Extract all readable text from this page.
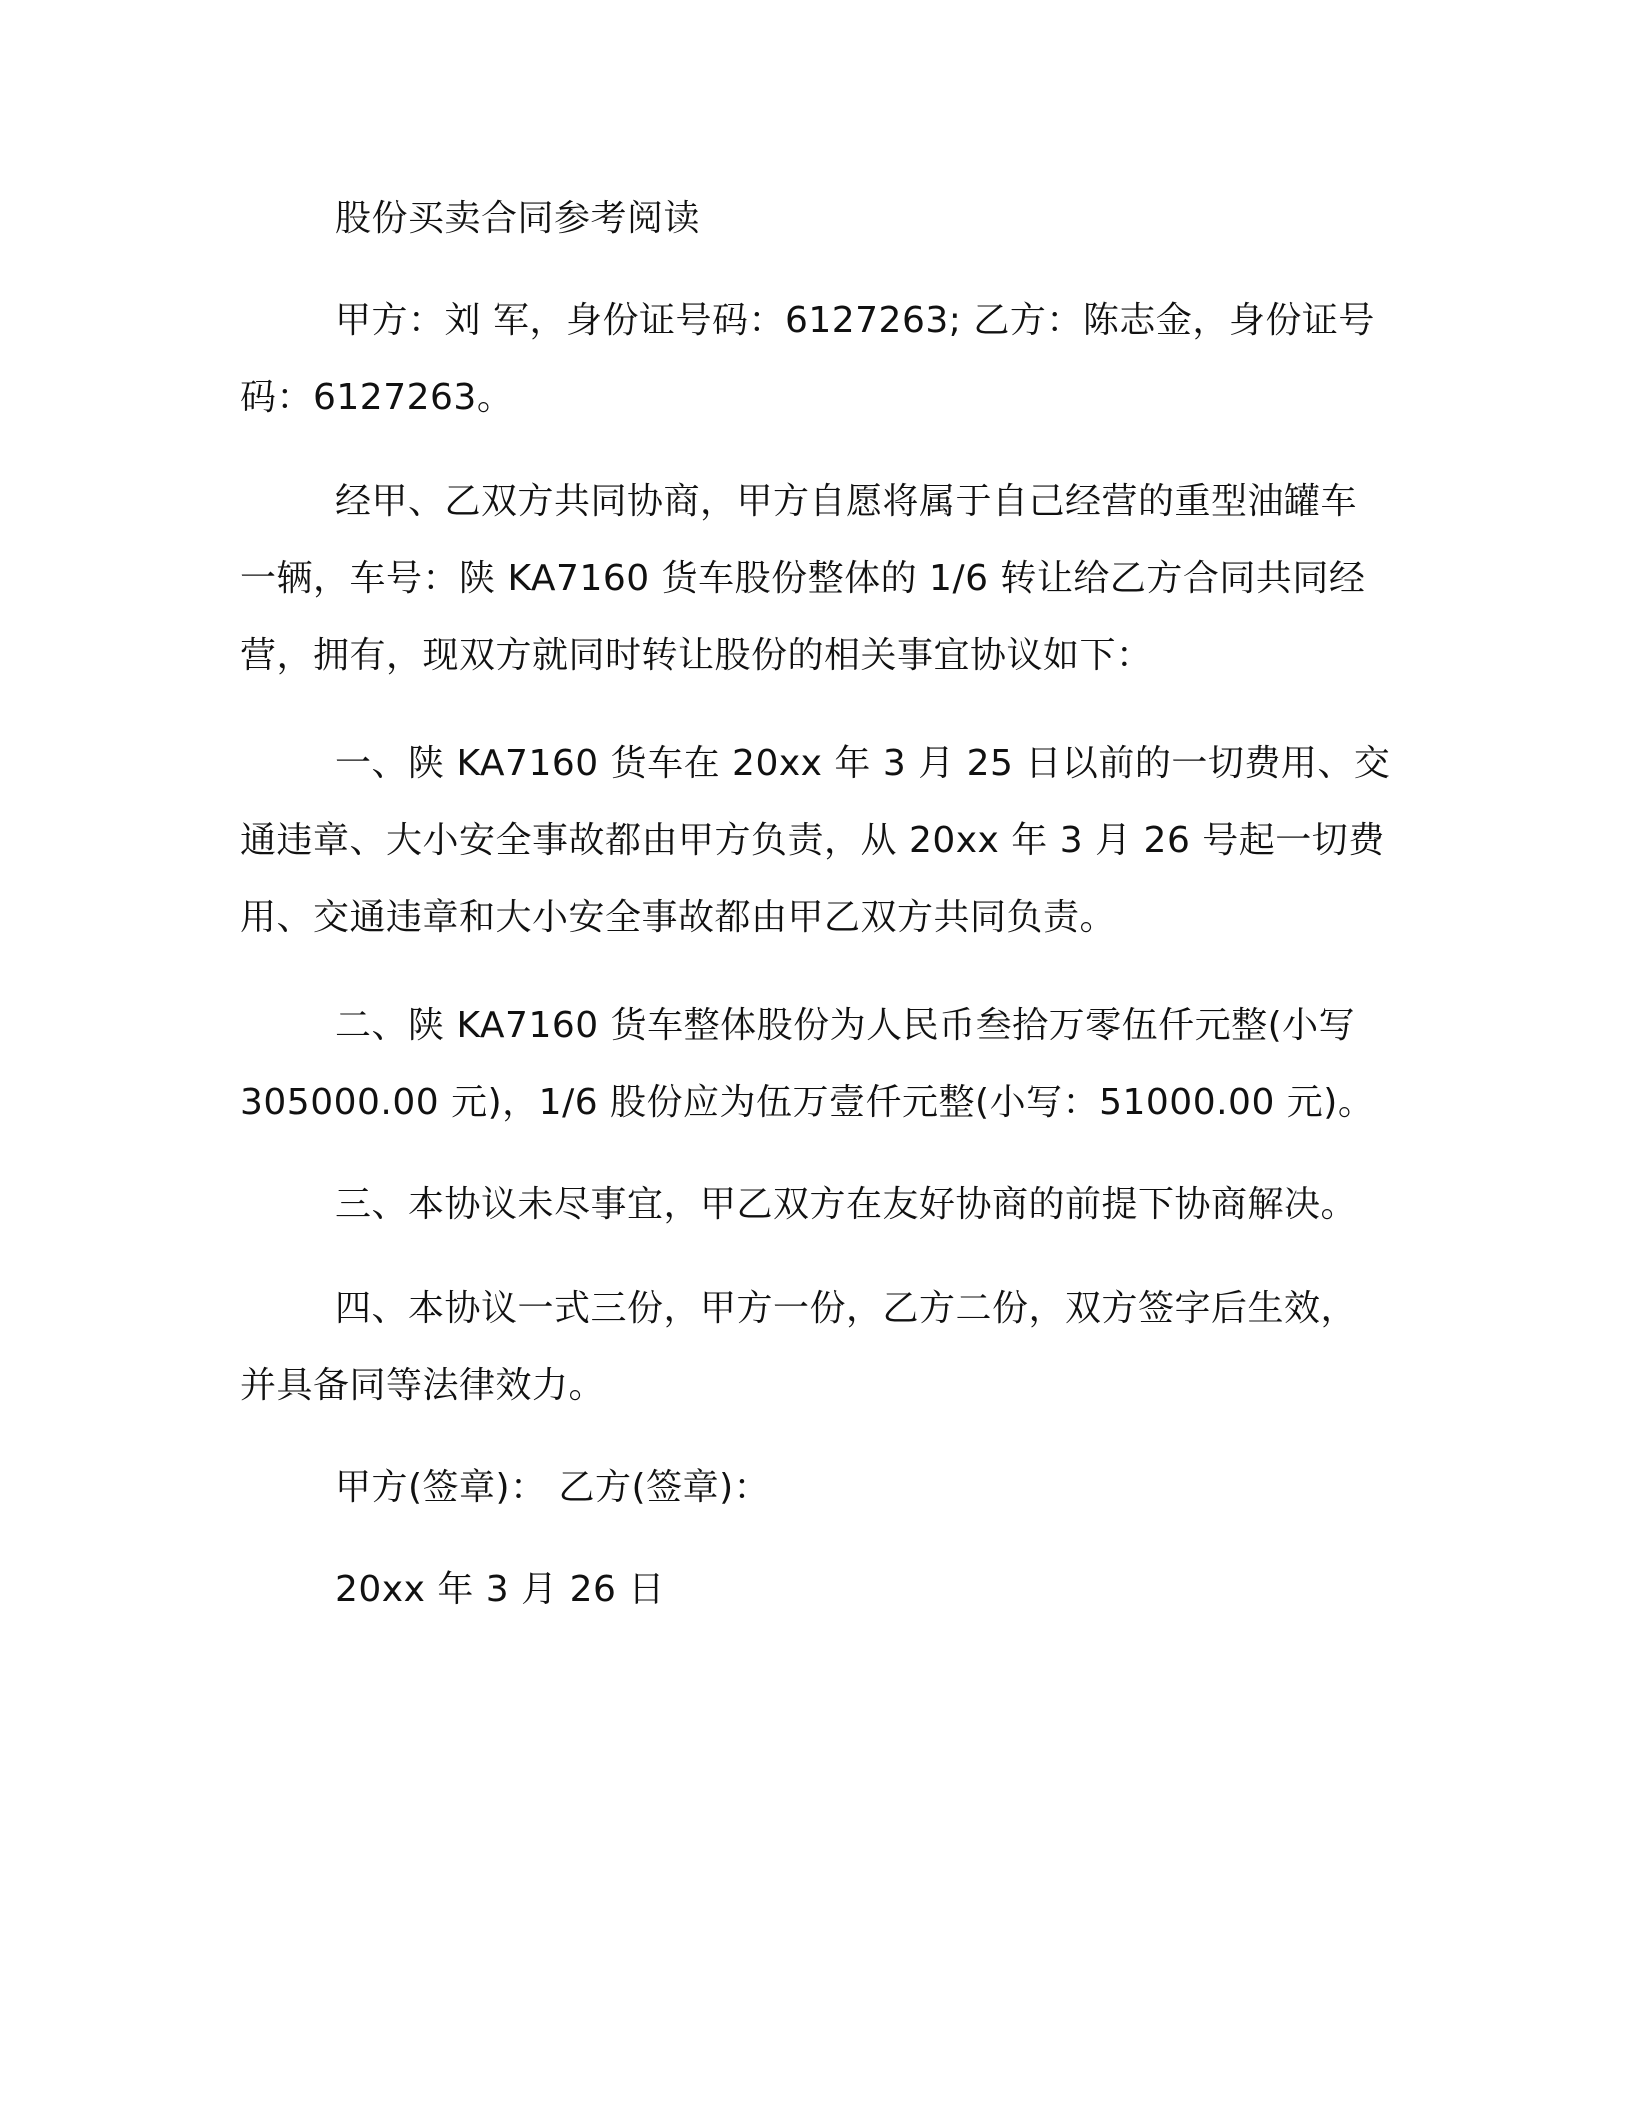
股份买卖合同参考阅读
甲方：刘 军，身份证号码：6127263; 乙方：陈志金，身份证号
码：6127263。
经甲、乙双方共同协商，甲方自愿将属于自己经营的重型油罐车
一辆，车号：陕 KA7160 货车股份整体的 1/6 转让给乙方合同共同经
营，拥有，现双方就同时转让股份的相关事宜协议如下：
一、陕 KA7160 货车在 20xx 年 3 月 25 日以前的一切费用、交
通违章、大小安全事故都由甲方负责，从 20xx 年 3 月 26 号起一切费
用、交通违章和大小安全事故都由甲乙双方共同负责。
二、陕 KA7160 货车整体股份为人民币叁拾万零伍仟元整(小写
305000.00 元)，1/6 股份应为伍万壹仟元整(小写：51000.00 元)。
三、本协议未尽事宜，甲乙双方在友好协商的前提下协商解决。
四、本协议一式三份，甲方一份，乙方二份，双方签字后生效，
并具备同等法律效力。
甲方(签章)： 乙方(签章)：
20xx 年 3 月 26 日
